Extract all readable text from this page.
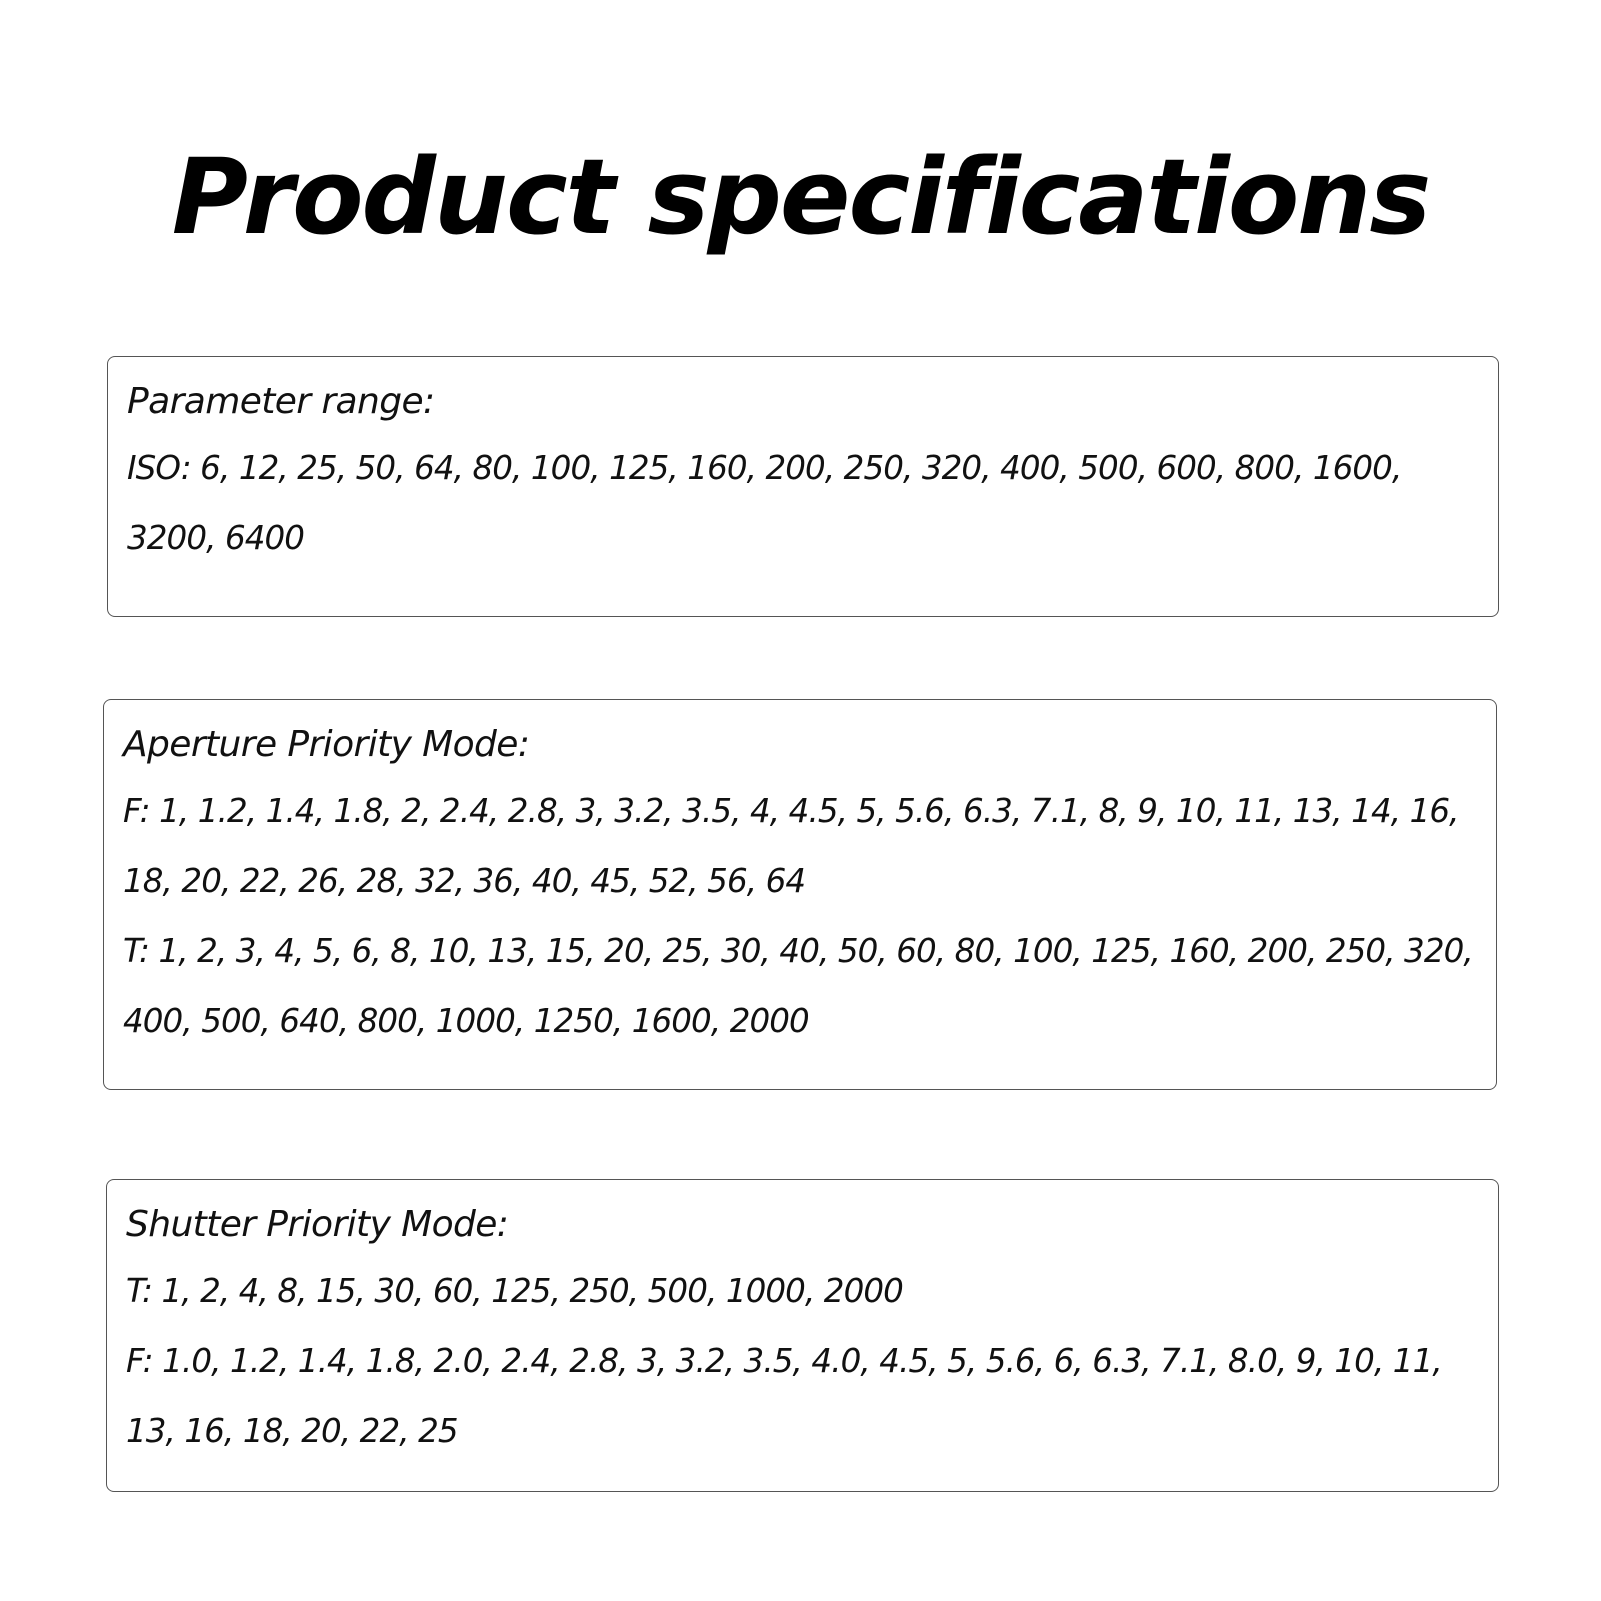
Product specifications
Parameter range:

ISO: 6, 12, 25, 50, 64, 80, 100, 125, 160, 200, 250, 320, 400, 500, 600, 800, 1600, 3200, 6400

Aperture Priority Mode:

F: 1, 1.2, 1.4, 1.8, 2, 2.4, 2.8, 3, 3.2, 3.5, 4, 4.5, 5, 5.6, 6.3, 7.1, 8, 9, 10, 11, 13, 14, 16, 18, 20, 22, 26, 28, 32, 36, 40, 45, 52, 56, 64

T: 1, 2, 3, 4, 5, 6, 8, 10, 13, 15, 20, 25, 30, 40, 50, 60, 80, 100, 125, 160, 200, 250, 320, 400, 500, 640, 800, 1000, 1250, 1600, 2000

Shutter Priority Mode:

T: 1, 2, 4, 8, 15, 30, 60, 125, 250, 500, 1000, 2000

F: 1.0, 1.2, 1.4, 1.8, 2.0, 2.4, 2.8, 3, 3.2, 3.5, 4.0, 4.5, 5, 5.6, 6, 6.3, 7.1, 8.0, 9, 10, 11, 13, 16, 18, 20, 22, 25
